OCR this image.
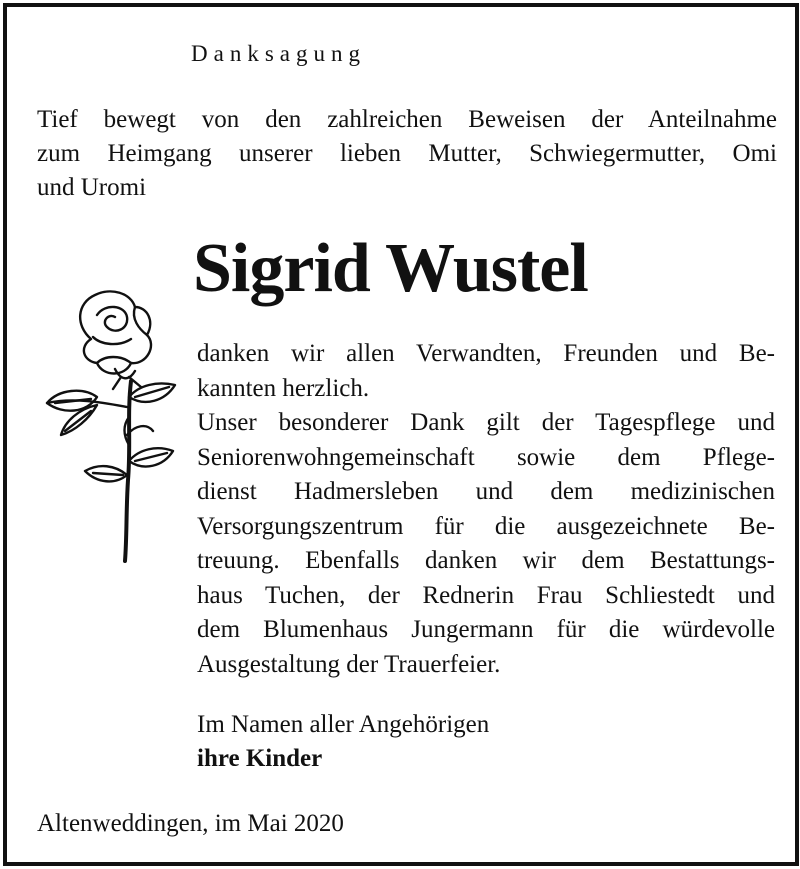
Danksagung
Tief bewegt von den zahlreichen Beweisen der Anteilnahme
zum Heimgang unserer lieben Mutter, Schwiegermutter, Omi
und Uromi
Sigrid Wustel
danken wir allen Verwandten, Freunden und Be-
kannten herzlich.
Unser besonderer Dank gilt der Tagespflege und
Seniorenwohngemeinschaft sowie dem Pflege-
dienst Hadmersleben und dem medizinischen
Versorgungszentrum für die ausgezeichnete Be-
treuung. Ebenfalls danken wir dem Bestattungs-
haus Tuchen, der Rednerin Frau Schliestedt und
dem Blumenhaus Jungermann für die würdevolle
Ausgestaltung der Trauerfeier.
Im Namen aller Angehörigen
ihre Kinder
Altenweddingen, im Mai 2020
